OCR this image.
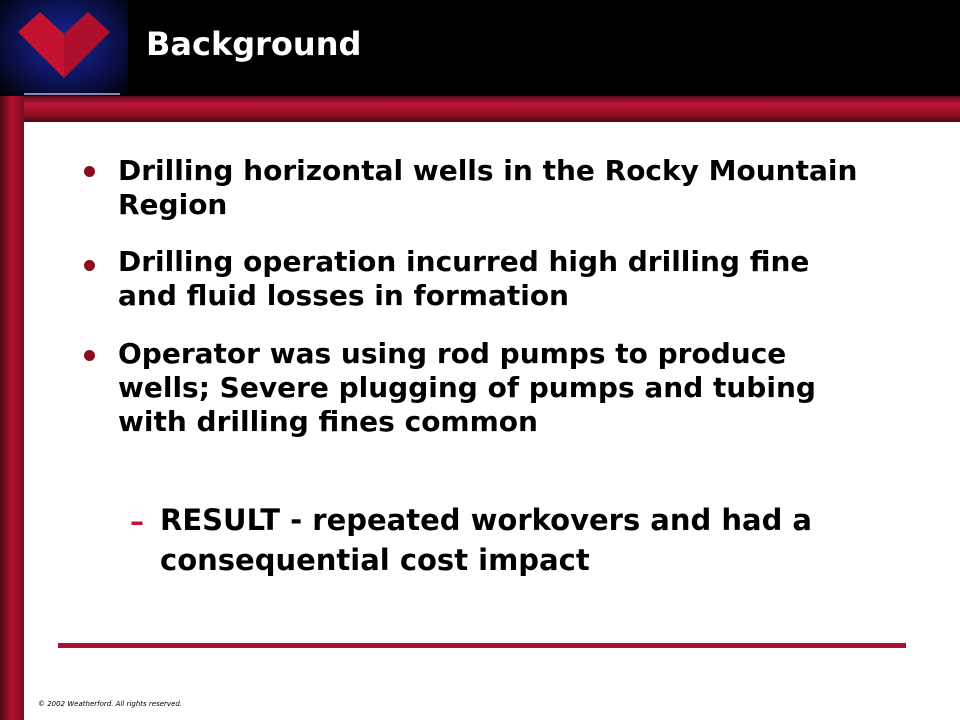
Background
Drilling horizontal wells in the Rocky Mountain Region
Drilling operation incurred high drilling fine and fluid losses in formation
Operator was using rod pumps to produce wells; Severe plugging of pumps and tubing with drilling fines common
– RESULT - repeated workovers and had a consequential cost impact
© 2002 Weatherford. All rights reserved.
